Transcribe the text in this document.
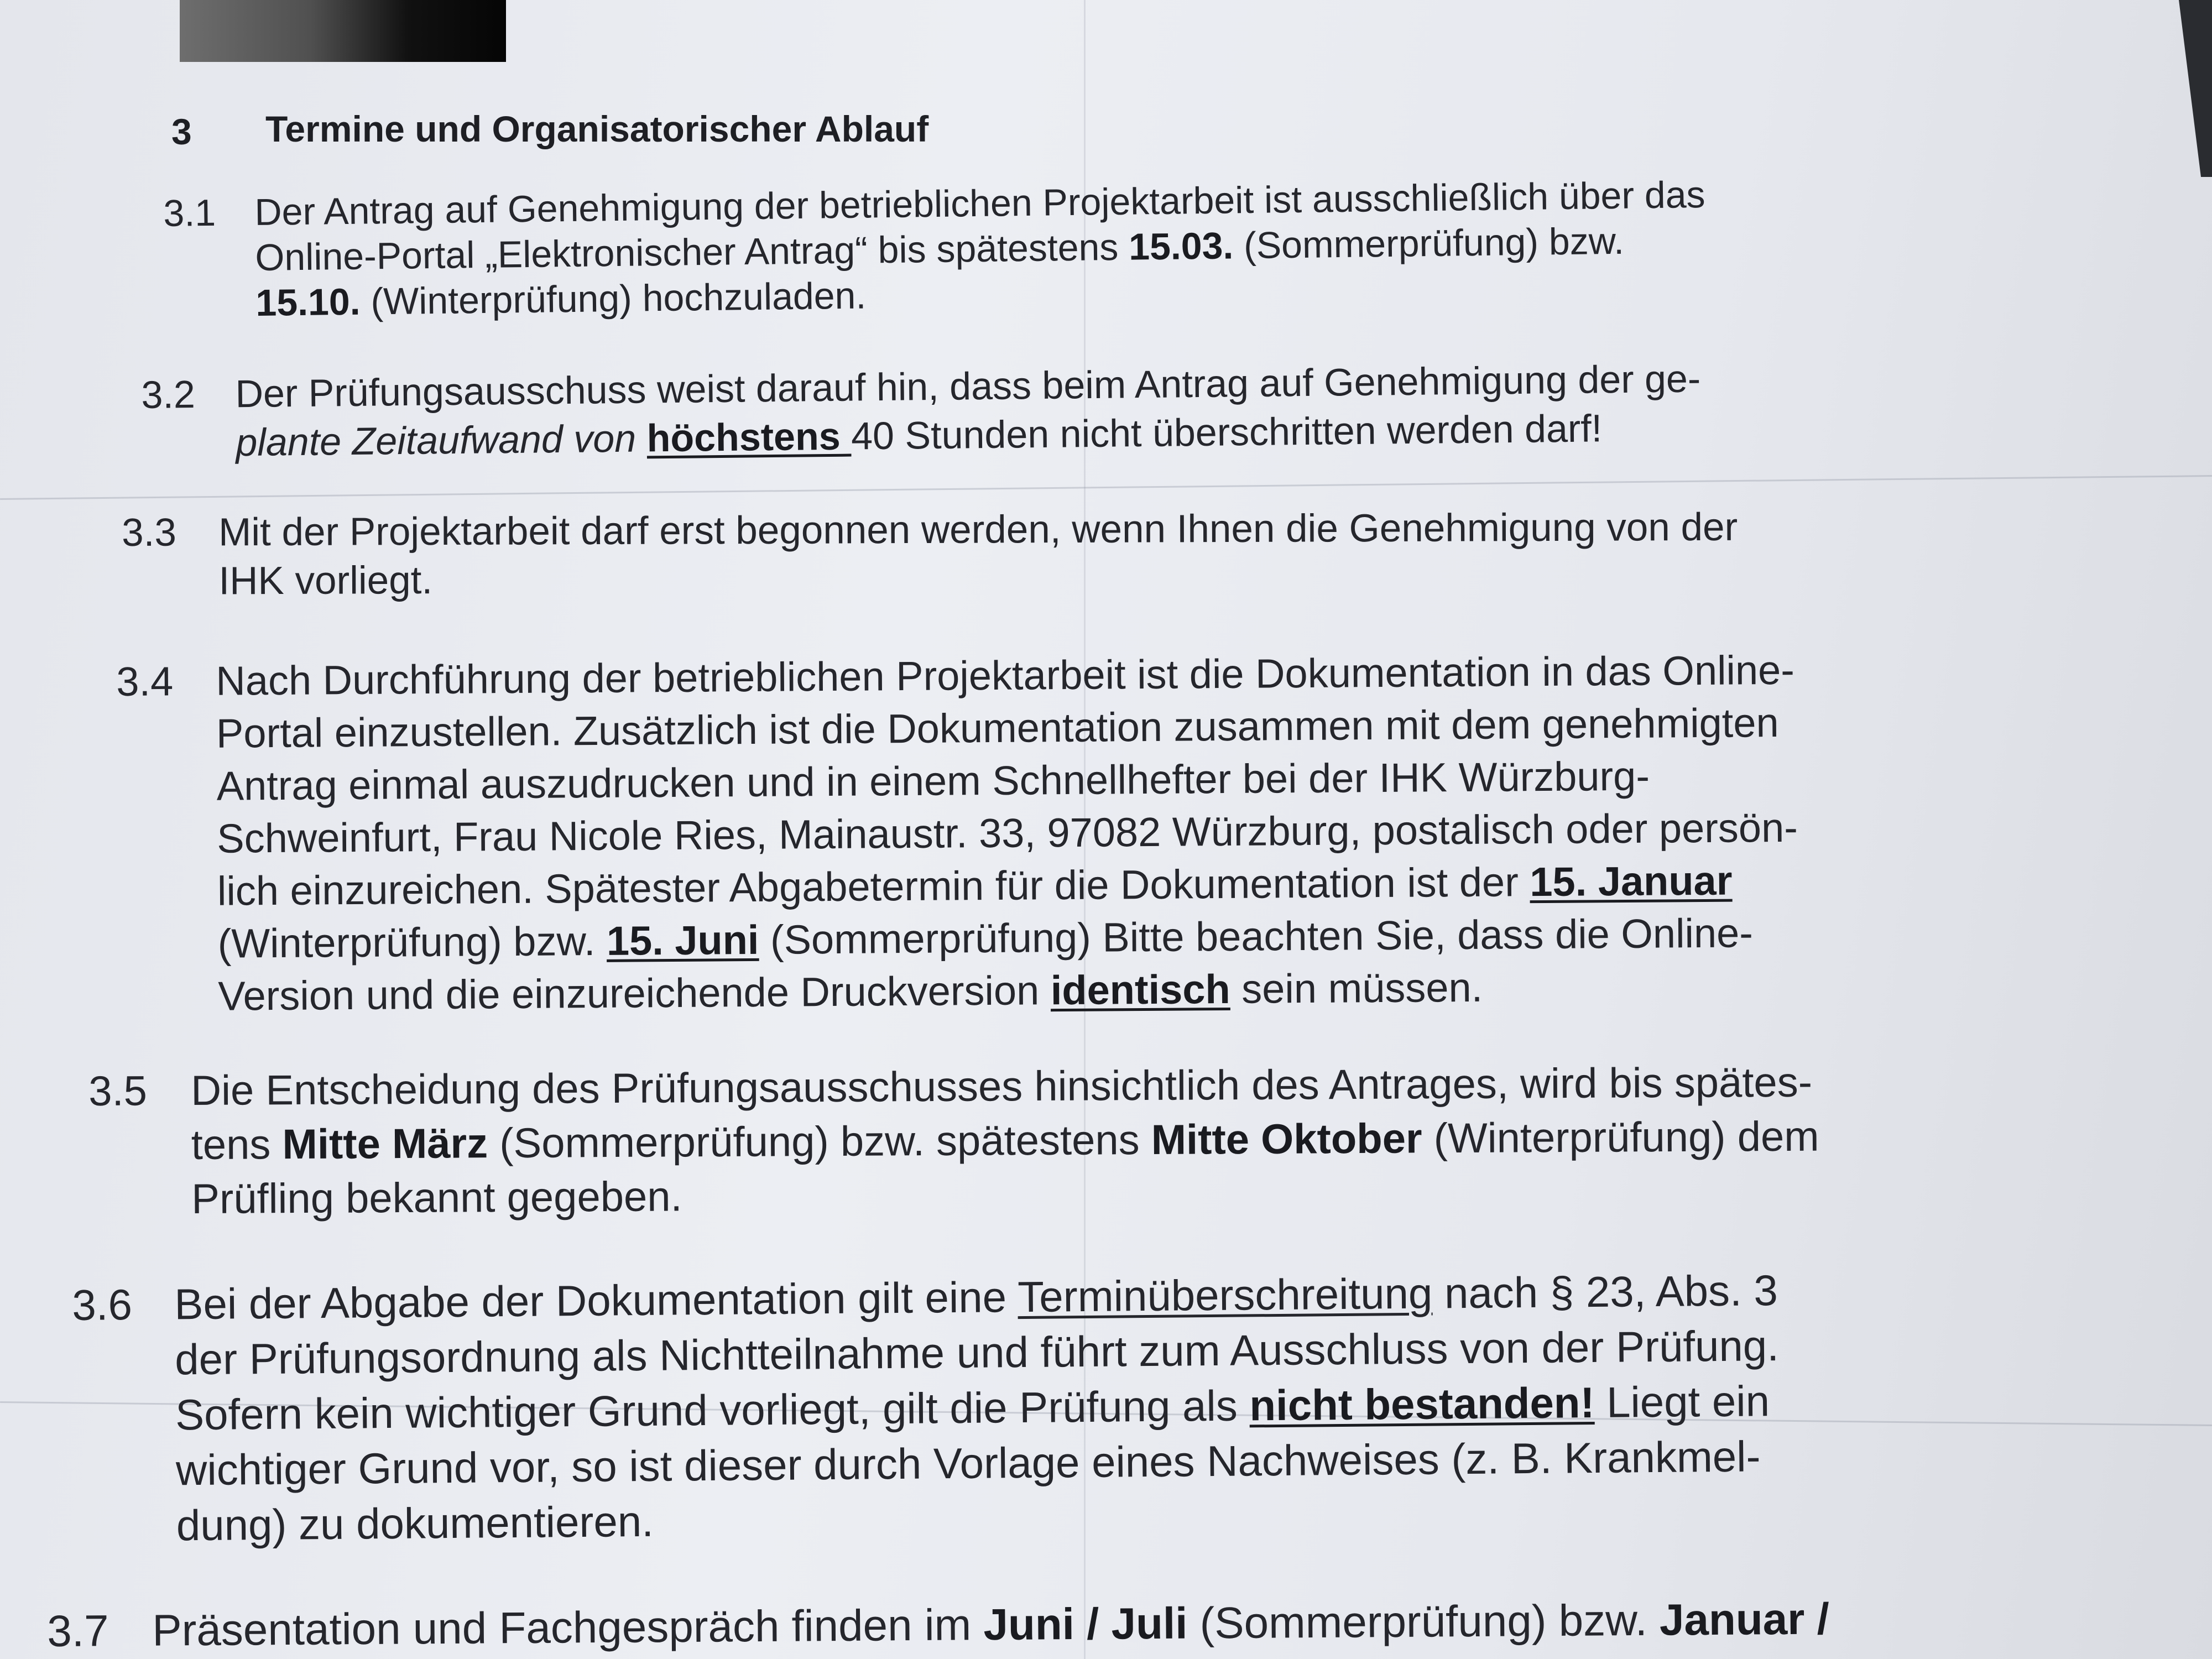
3 Termine und Organisatorischer Ablauf
3.1 Der Antrag auf Genehmigung der betrieblichen Projektarbeit ist ausschließlich über das
Online-Portal „Elektronischer Antrag“ bis spätestens 15.03. (Sommerprüfung) bzw.
15.10. (Winterprüfung) hochzuladen.
3.2 Der Prüfungsausschuss weist darauf hin, dass beim Antrag auf Genehmigung der ge-
plante Zeitaufwand von höchstens 40 Stunden nicht überschritten werden darf!
3.3 Mit der Projektarbeit darf erst begonnen werden, wenn Ihnen die Genehmigung von der
IHK vorliegt.
3.4 Nach Durchführung der betrieblichen Projektarbeit ist die Dokumentation in das Online-
Portal einzustellen. Zusätzlich ist die Dokumentation zusammen mit dem genehmigten
Antrag einmal auszudrucken und in einem Schnellhefter bei der IHK Würzburg-
Schweinfurt, Frau Nicole Ries, Mainaustr. 33, 97082 Würzburg, postalisch oder persön-
lich einzureichen. Spätester Abgabetermin für die Dokumentation ist der 15. Januar
(Winterprüfung) bzw. 15. Juni (Sommerprüfung) Bitte beachten Sie, dass die Online-
Version und die einzureichende Druckversion identisch sein müssen.
3.5 Die Entscheidung des Prüfungsausschusses hinsichtlich des Antrages, wird bis spätes-
tens Mitte März (Sommerprüfung) bzw. spätestens Mitte Oktober (Winterprüfung) dem
Prüfling bekannt gegeben.
3.6 Bei der Abgabe der Dokumentation gilt eine Terminüberschreitung nach § 23, Abs. 3
der Prüfungsordnung als Nichtteilnahme und führt zum Ausschluss von der Prüfung.
Sofern kein wichtiger Grund vorliegt, gilt die Prüfung als nicht bestanden! Liegt ein
wichtiger Grund vor, so ist dieser durch Vorlage eines Nachweises (z. B. Krankmel-
dung) zu dokumentieren.
3.7 Präsentation und Fachgespräch finden im Juni / Juli (Sommerprüfung) bzw. Januar /
